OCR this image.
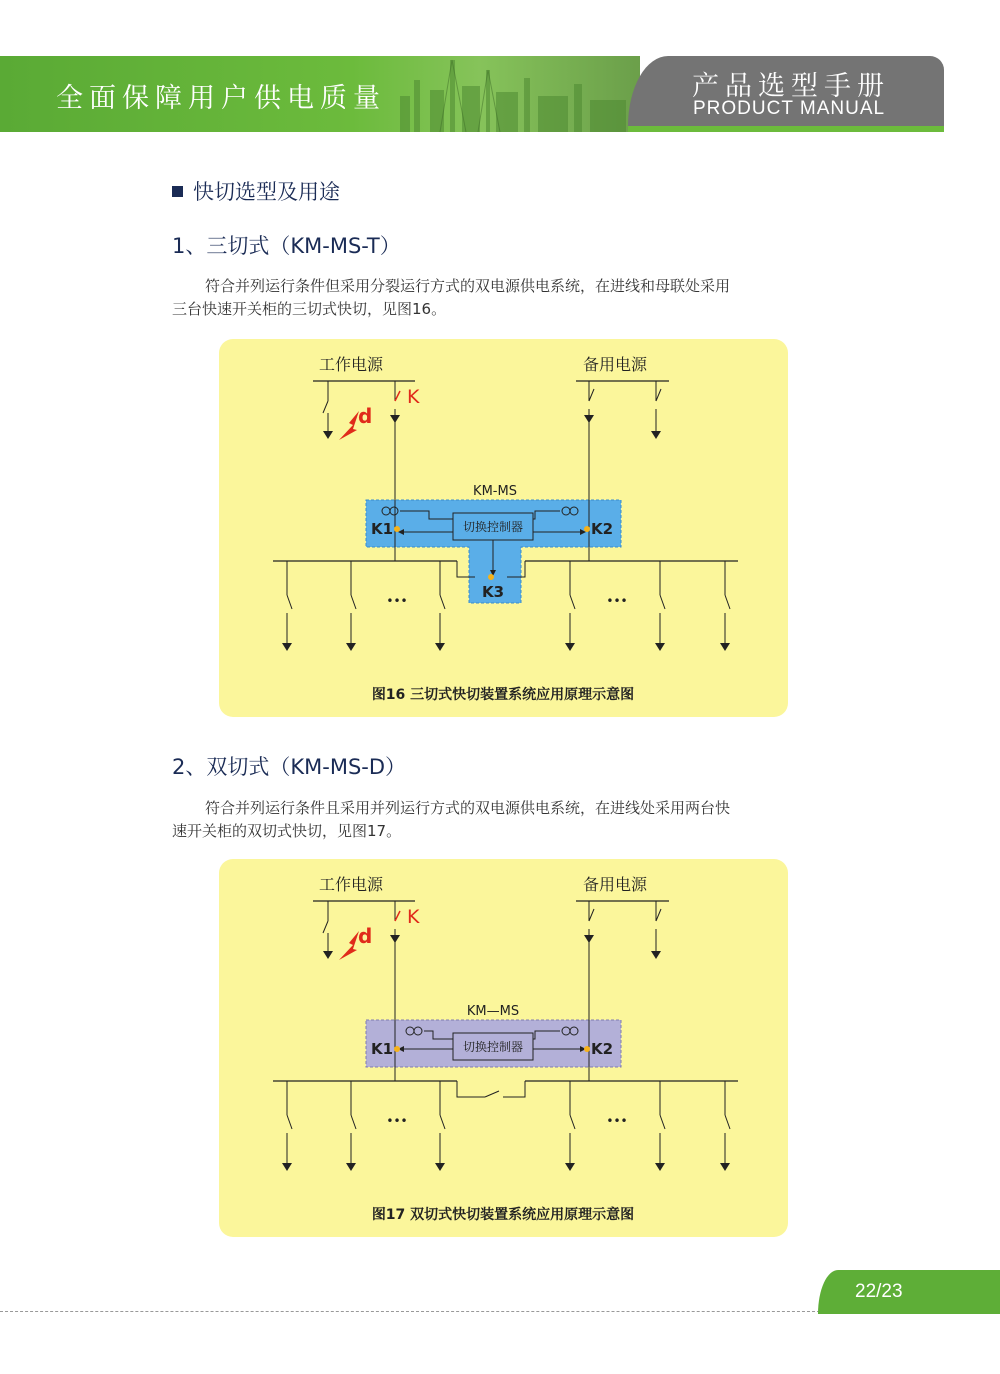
全面保障用户供电质量	产品选型手册
PRODUCT MANUAL
快切选型及用途
1、三切式（KM-MS-T）
符合并列运行条件但采用分裂运行方式的双电源供电系统，在进线和母联处采用
三台快速开关柜的三切式快切，见图16。
工作电源	备用电源
K
d
KM-MS
切换控制器
K1	K2
K3
•••	•••
图16 三切式快切装置系统应用原理示意图
2、双切式（KM-MS-D）
符合并列运行条件且采用并列运行方式的双电源供电系统，在进线处采用两台快
速开关柜的双切式快切，见图17。
工作电源	备用电源
K
d
KM—MS
切换控制器
K1	K2
•••	•••
图17 双切式快切装置系统应用原理示意图
22/23
